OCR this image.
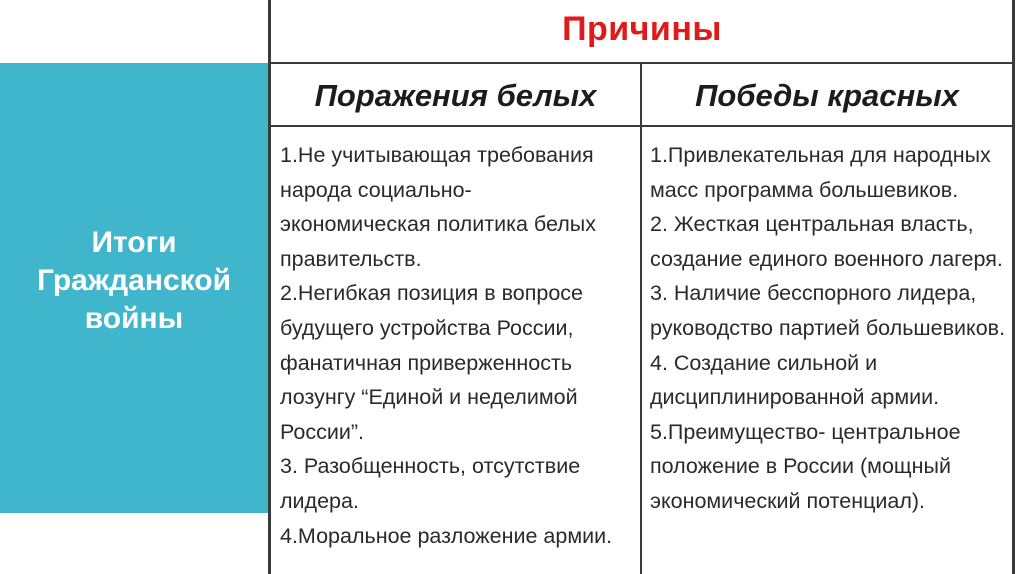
Итоги
Гражданской
войны
Причины
Поражения белых	Победы красных
1.Не учитывающая требования
народа социально-
экономическая политика белых
правительств.
2.Негибкая позиция в вопросе
будущего устройства России,
фанатичная приверженность
лозунгу “Единой и неделимой
России”.
3. Разобщенность, отсутствие
лидера.
4.Моральное разложение армии.
1.Привлекательная для народных
масс программа большевиков.
2. Жесткая центральная власть,
создание единого военного лагеря.
3. Наличие бесспорного лидера,
руководство партией большевиков.
4. Создание сильной и
дисциплинированной армии.
5.Преимущество- центральное
положение в России (мощный
экономический потенциал).
